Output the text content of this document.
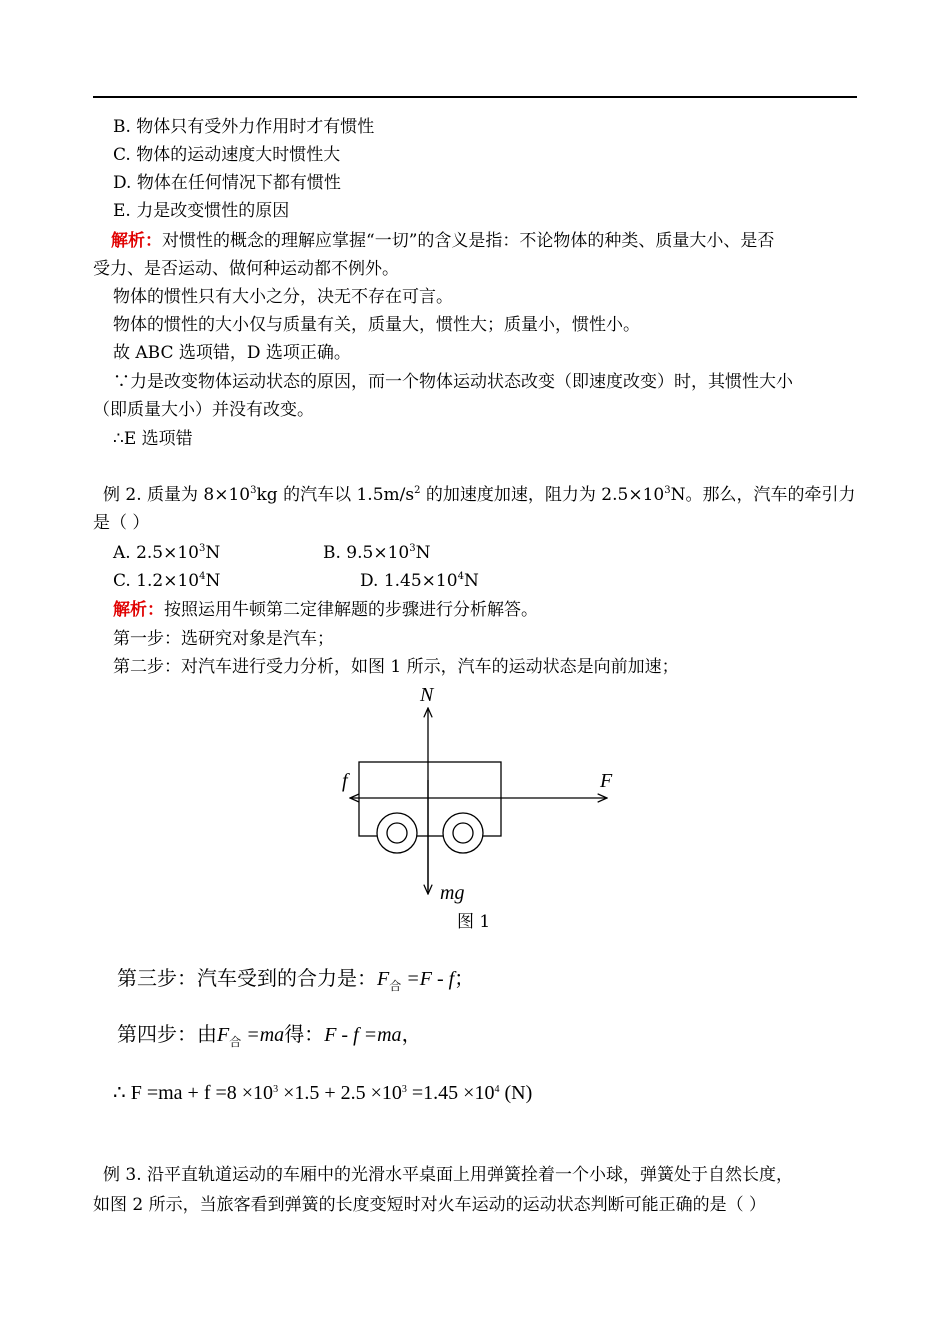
B. 物体只有受外力作用时才有惯性
C. 物体的运动速度大时惯性大
D. 物体在任何情况下都有惯性
E. 力是改变惯性的原因
解析：对惯性的概念的理解应掌握“一切”的含义是指：不论物体的种类、质量大小、是否
受力、是否运动、做何种运动都不例外。
物体的惯性只有大小之分，决无不存在可言。
物体的惯性的大小仅与质量有关，质量大，惯性大；质量小，惯性小。
故 ABC 选项错，D 选项正确。
∵力是改变物体运动状态的原因，而一个物体运动状态改变（即速度改变）时，其惯性大小
（即质量大小）并没有改变。
∴E 选项错
例 2. 质量为 $8\times 10^3kg$ 的汽车以 $1.5m/s^2$ 的加速度加速，阻力为 $2.5\times 10^3N$。那么，汽车的牵引力
是（ ）
A. $2.5\times 10^3N$	B. $9.5\times 10^3N$
C. $1.2\times 10^4N$	D. $1.45\times 10^4N$
解析：按照运用牛顿第二定律解题的步骤进行分析解答。
第一步：选研究对象是汽车；
第二步：对汽车进行受力分析，如图 1 所示，汽车的运动状态是向前加速；
N
f	F
mg
图 1
第三步：汽车受到的合力是：$F_合 =F - f$；
第四步：由$F_合 =ma$得：F - f =ma，
∴ $F =ma + f =8 \times 10^3 \times 1.5 + 2.5 \times 10^3 =1.45 \times 10^4$ (N)
例 3. 沿平直轨道运动的车厢中的光滑水平桌面上用弹簧拴着一个小球，弹簧处于自然长度，
如图 2 所示，当旅客看到弹簧的长度变短时对火车运动的运动状态判断可能正确的是（ ）
